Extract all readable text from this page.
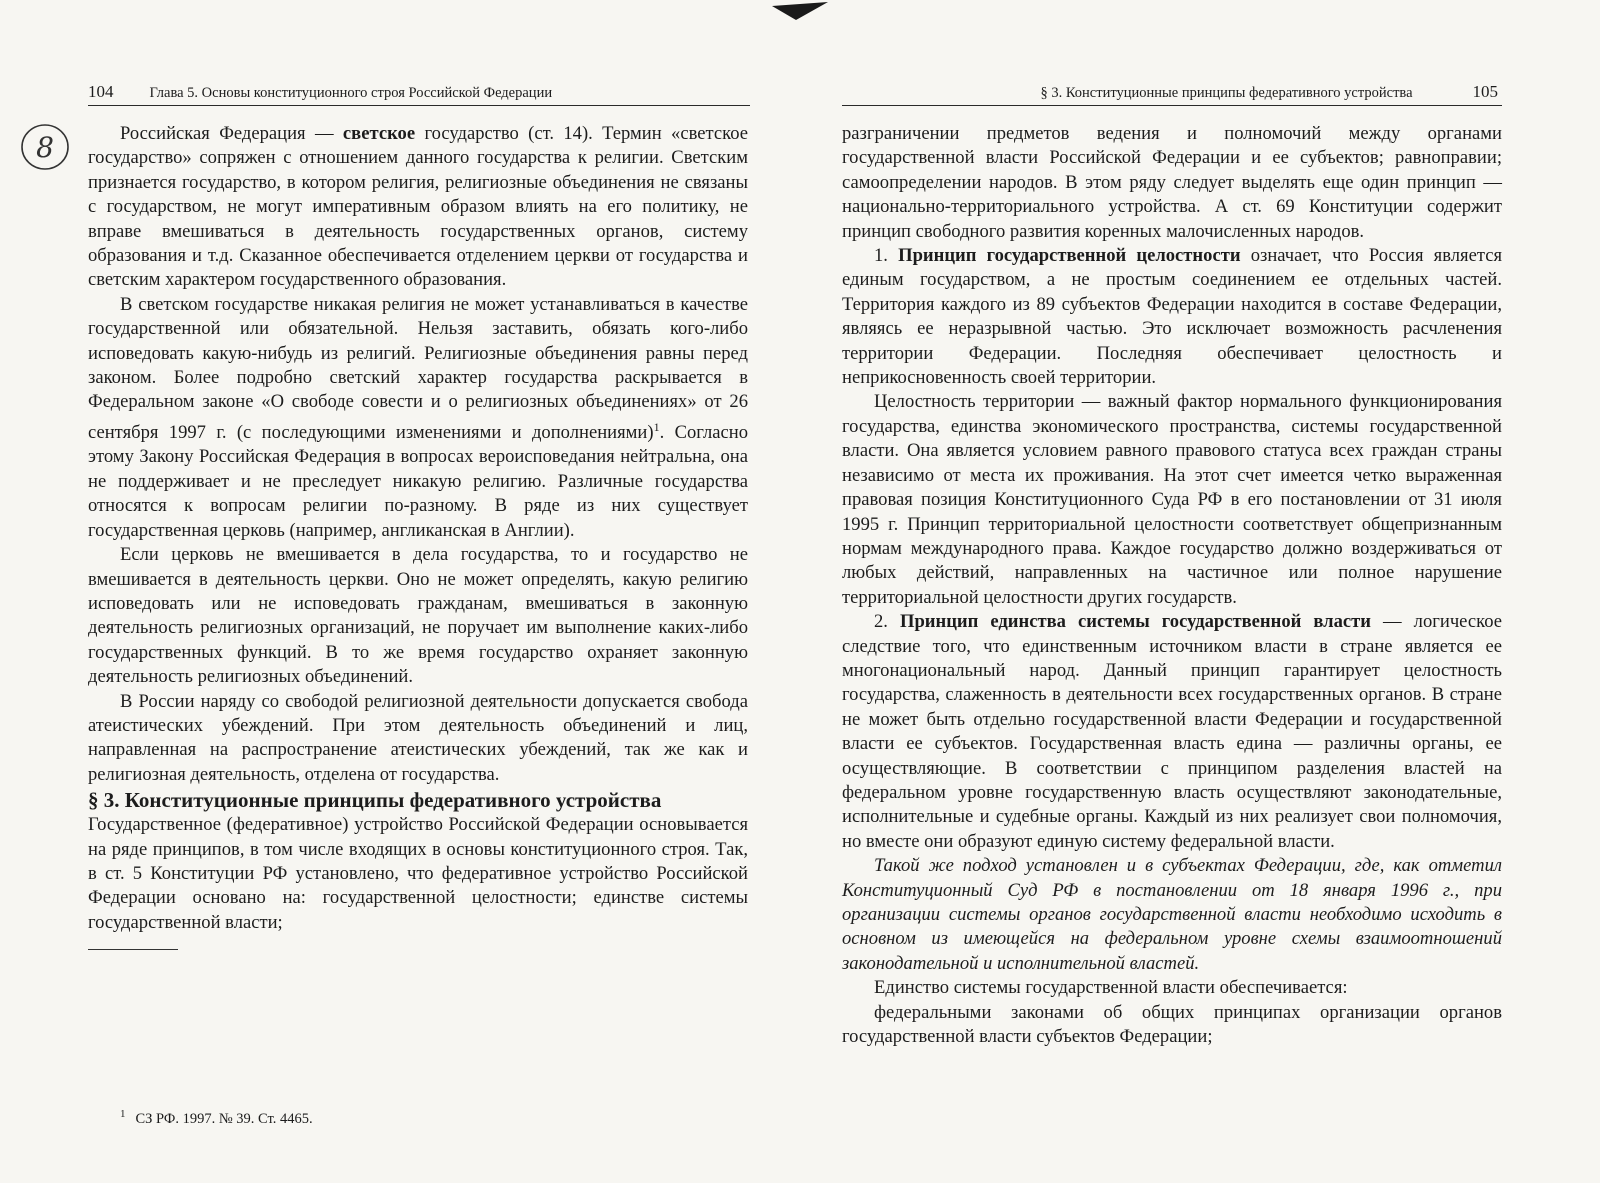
8
104 Глава 5. Основы конституционного строя Российской Федерации

Российская Федерация — светское государство (ст. 14). Термин «светское государство» сопряжен с отношением данного государства к религии. Светским признается государство, в котором религия, религиозные объединения не связаны с государством, не могут императивным образом влиять на его политику, не вправе вмешиваться в деятельность государственных органов, систему образования и т.д. Сказанное обеспечивается отделением церкви от государства и светским характером государственного образования.

В светском государстве никакая религия не может устанавливаться в качестве государственной или обязательной. Нельзя заставить, обязать кого-либо исповедовать какую-нибудь из религий. Религиозные объединения равны перед законом. Более подробно светский характер государства раскрывается в Федеральном законе «О свободе совести и о религиозных объединениях» от 26 сентября 1997 г. (с последующими изменениями и дополнениями)$^1$. Согласно этому Закону Российская Федерация в вопросах вероисповедания нейтральна, она не поддерживает и не преследует никакую религию. Различные государства относятся к вопросам религии по-разному. В ряде из них существует государственная церковь (например, англиканская в Англии).

Если церковь не вмешивается в дела государства, то и государство не вмешивается в деятельность церкви. Оно не может определять, какую религию исповедовать или не исповедовать гражданам, вмешиваться в законную деятельность религиозных организаций, не поручает им выполнение каких-либо государственных функций. В то же время государство охраняет законную деятельность религиозных объединений.

В России наряду со свободой религиозной деятельности допускается свобода атеистических убеждений. При этом деятельность объединений и лиц, направленная на распространение атеистических убеждений, так же как и религиозная деятельность, отделена от государства.

§ 3. Конституционные принципы федеративного устройства

Государственное (федеративное) устройство Российской Федерации основывается на ряде принципов, в том числе входящих в основы конституционного строя. Так, в ст. 5 Конституции РФ установлено, что федеративное устройство Российской Федерации основано на: государственной целостности; единстве системы государственной власти;

$^1$ СЗ РФ. 1997. № 39. Ст. 4465.
§ 3. Конституционные принципы федеративного устройства	105

разграничении предметов ведения и полномочий между органами государственной власти Российской Федерации и ее субъектов; равноправии; самоопределении народов. В этом ряду следует выделять еще один принцип — национально-территориального устройства. А ст. 69 Конституции содержит принцип свободного развития коренных малочисленных народов.

1. Принцип государственной целостности означает, что Россия является единым государством, а не простым соединением ее отдельных частей. Территория каждого из 89 субъектов Федерации находится в составе Федерации, являясь ее неразрывной частью. Это исключает возможность расчленения территории Федерации. Последняя обеспечивает целостность и неприкосновенность своей территории.

Целостность территории — важный фактор нормального функционирования государства, единства экономического пространства, системы государственной власти. Она является условием равного правового статуса всех граждан страны независимо от места их проживания. На этот счет имеется четко выраженная правовая позиция Конституционного Суда РФ в его постановлении от 31 июля 1995 г. Принцип территориальной целостности соответствует общепризнанным нормам международного права. Каждое государство должно воздерживаться от любых действий, направленных на частичное или полное нарушение территориальной целостности других государств.

2. Принцип единства системы государственной власти — логическое следствие того, что единственным источником власти в стране является ее многонациональный народ. Данный принцип гарантирует целостность государства, слаженность в деятельности всех государственных органов. В стране не может быть отдельно государственной власти Федерации и государственной власти ее субъектов. Государственная власть едина — различны органы, ее осуществляющие. В соответствии с принципом разделения властей на федеральном уровне государственную власть осуществляют законодательные, исполнительные и судебные органы. Каждый из них реализует свои полномочия, но вместе они образуют единую систему федеральной власти.

Такой же подход установлен и в субъектах Федерации, где, как отметил Конституционный Суд РФ в постановлении от 18 января 1996 г., при организации системы органов государственной власти необходимо исходить в основном из имеющейся на федеральном уровне схемы взаимоотношений законодательной и исполнительной властей.

Единство системы государственной власти обеспечивается:

федеральными законами об общих принципах организации органов государственной власти субъектов Федерации;
